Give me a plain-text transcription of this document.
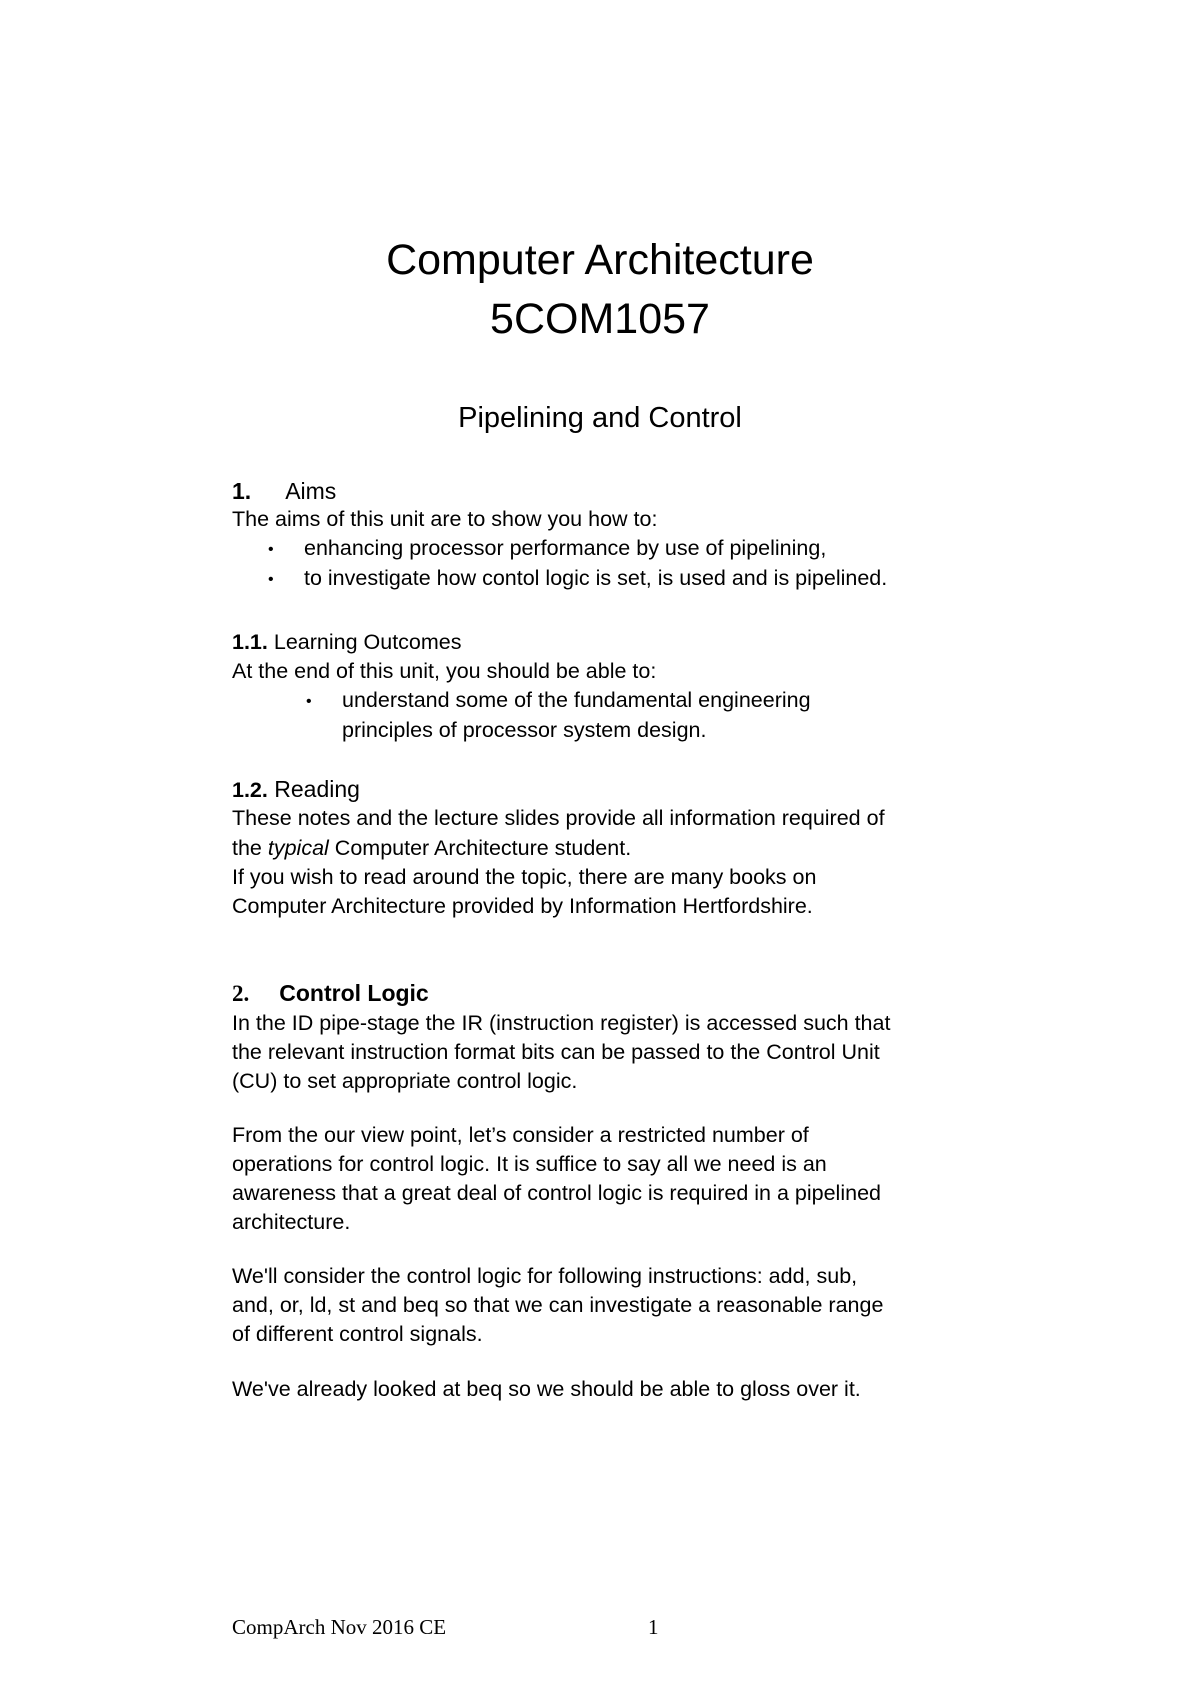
Computer Architecture
5COM1057
Pipelining and Control
1. Aims
The aims of this unit are to show you how to:
• enhancing processor performance by use of pipelining,
• to investigate how contol logic is set, is used and is pipelined.
1.1. Learning Outcomes
At the end of this unit, you should be able to:
• understand some of the fundamental engineering
principles of processor system design.
1.2. Reading
These notes and the lecture slides provide all information required of
the typical Computer Architecture student.
If you wish to read around the topic, there are many books on
Computer Architecture provided by Information Hertfordshire.
2. Control Logic
In the ID pipe-stage the IR (instruction register) is accessed such that
the relevant instruction format bits can be passed to the Control Unit
(CU) to set appropriate control logic.
From the our view point, let’s consider a restricted number of
operations for control logic. It is suffice to say all we need is an
awareness that a great deal of control logic is required in a pipelined
architecture.
We'll consider the control logic for following instructions: add, sub,
and, or, ld, st and beq so that we can investigate a reasonable range
of different control signals.
We've already looked at beq so we should be able to gloss over it.
CompArch Nov 2016 CE	1
